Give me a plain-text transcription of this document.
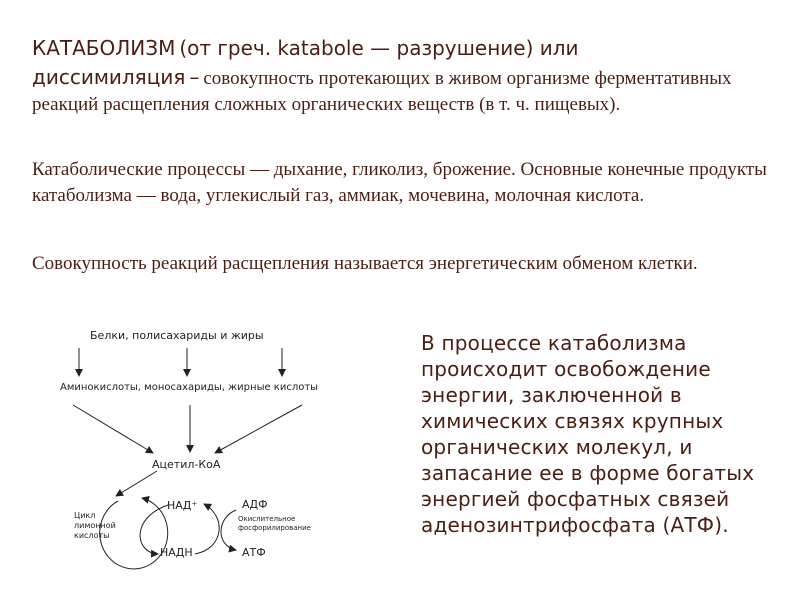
КАТАБОЛИЗМ (от греч. katabole — разрушение) или
диссимиляция – совокупность протекающих в живом организме ферментативных реакций расщепления сложных органических веществ (в т. ч. пищевых).

Катаболические процессы — дыхание, гликолиз, брожение. Основные конечные продукты катаболизма — вода, углекислый газ, аммиак, мочевина, молочная кислота.

Совокупность реакций расщепления называется энергетическим обменом клетки.

Белки, полисахариды и жиры
Аминокислоты, моносахариды, жирные кислоты
Ацетил-КоА
Цикл
лимонной
кислоты
НАД⁺
НАДН
АДФ
Окислительное
фосфорилирование
АТФ

В процессе катаболизма происходит освобождение энергии, заключенной в химических связях крупных органических молекул, и запасание ее в форме богатых энергией фосфатных связей аденозинтрифосфата (АТФ).
